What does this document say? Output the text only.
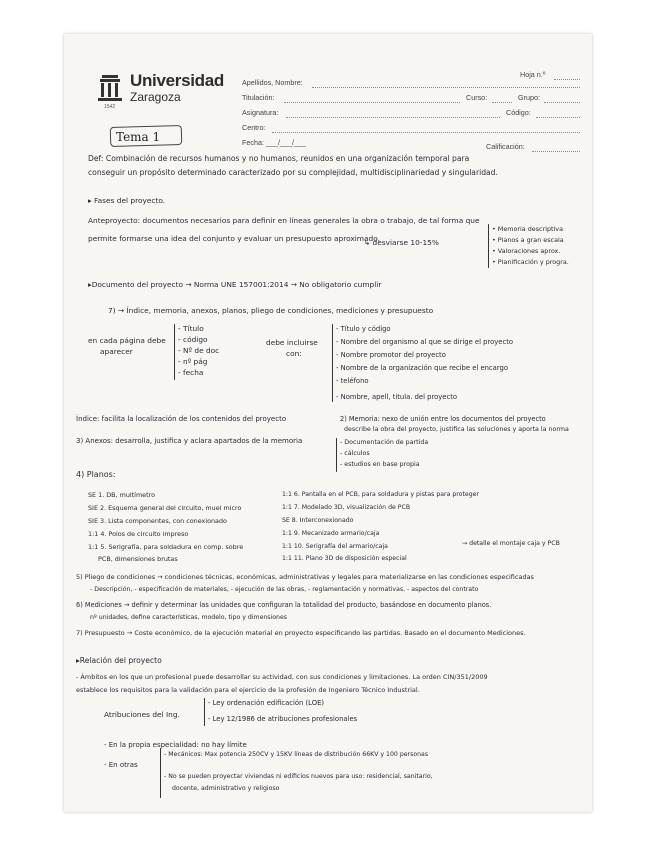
Universidad
Zaragoza
1542
Hoja n.º
Apellidos, Nombre:
Titulación:	Curso:	Grupo:
Asignatura:	Código:
Centro:
Fecha: ___/___/___	Calificación:
Tema 1
Def: Combinación de recursos humanos y no humanos, reunidos en una organización temporal para
conseguir un propósito determinado caracterizado por su complejidad, multidisciplinariedad y singularidad.
▸ Fases del proyecto.
Anteproyecto: documentos necesarios para definir en líneas generales la obra o trabajo, de tal forma que
permite formarse una idea del conjunto y evaluar un presupuesto aproximado.
↳ desviarse 10-15%
• Memoria descriptiva
• Planos a gran escala
• Valoraciones aprox.
• Planificación y progra.
▸Documento del proyecto → Norma UNE 157001:2014 → No obligatorio cumplir
7) → Índice, memoria, anexos, planos, pliego de condiciones, mediciones y presupuesto
en cada página debe
aparecer
- Título
- código
- Nº de doc
- nº pág
- fecha
debe incluirse
con:
- Título y código
- Nombre del organismo al que se dirige el proyecto
- Nombre promotor del proyecto
- Nombre de la organización que recibe el encargo
- teléfono
- Nombre, apell, titula. del proyecto
Índice: facilita la localización de los contenidos del proyecto	2) Memoria: nexo de unión entre los documentos del proyecto
describe la obra del proyecto, justifica las soluciones y aporta la norma
3) Anexos: desarrolla, justifica y aclara apartados de la memoria	- Documentación de partida
- cálculos
- estudios en base propia
4) Planos:
SE 1. DB, multímetro
SIE 2. Esquema general del circuito, muel micro
SIE 3. Lista componentes, con conexionado
1:1 4. Polos de circuito impreso
1:1 5. Serigrafía, para soldadura en comp. sobre
PCB, dimensiones brutas
1:1 6. Pantalla en el PCB, para soldadura y pistas para proteger
1:1 7. Modelado 3D, visualización de PCB
SE 8. Interconexionado
1:1 9. Mecanizado armario/caja
1:1 10. Serigrafía del armario/caja
1:1 11. Plano 3D de disposición especial
→ detalle el montaje caja y PCB
5) Pliego de condiciones → condiciones técnicas, económicas, administrativas y legales para materializarse en las condiciones especificadas
- Descripción, - especificación de materiales, - ejecución de las obras, - reglamentación y normativas, - aspectos del contrato
6) Mediciones → definir y determinar las unidades que configuran la totalidad del producto, basándose en documento planos.
nº unidades, define características, modelo, tipo y dimensiones
7) Presupuesto → Coste económico, de la ejecución material en proyecto especificando las partidas. Basado en el documento Mediciones.
▸Relación del proyecto
- Ámbitos en los que un profesional puede desarrollar su actividad, con sus condiciones y limitaciones. La orden CIN/351/2009
establece los requisitos para la validación para el ejercicio de la profesión de Ingeniero Técnico Industrial.
Atribuciones del Ing.
- Ley ordenación edificación (LOE)
- Ley 12/1986 de atribuciones profesionales
- En la propia especialidad: no hay límite
- En otras
- Mecánicos: Max potencia 250CV y 15KV líneas de distribución 66KV y 100 personas
- No se pueden proyectar viviendas ni edificios nuevos para uso: residencial, sanitario,
docente, administrativo y religioso
